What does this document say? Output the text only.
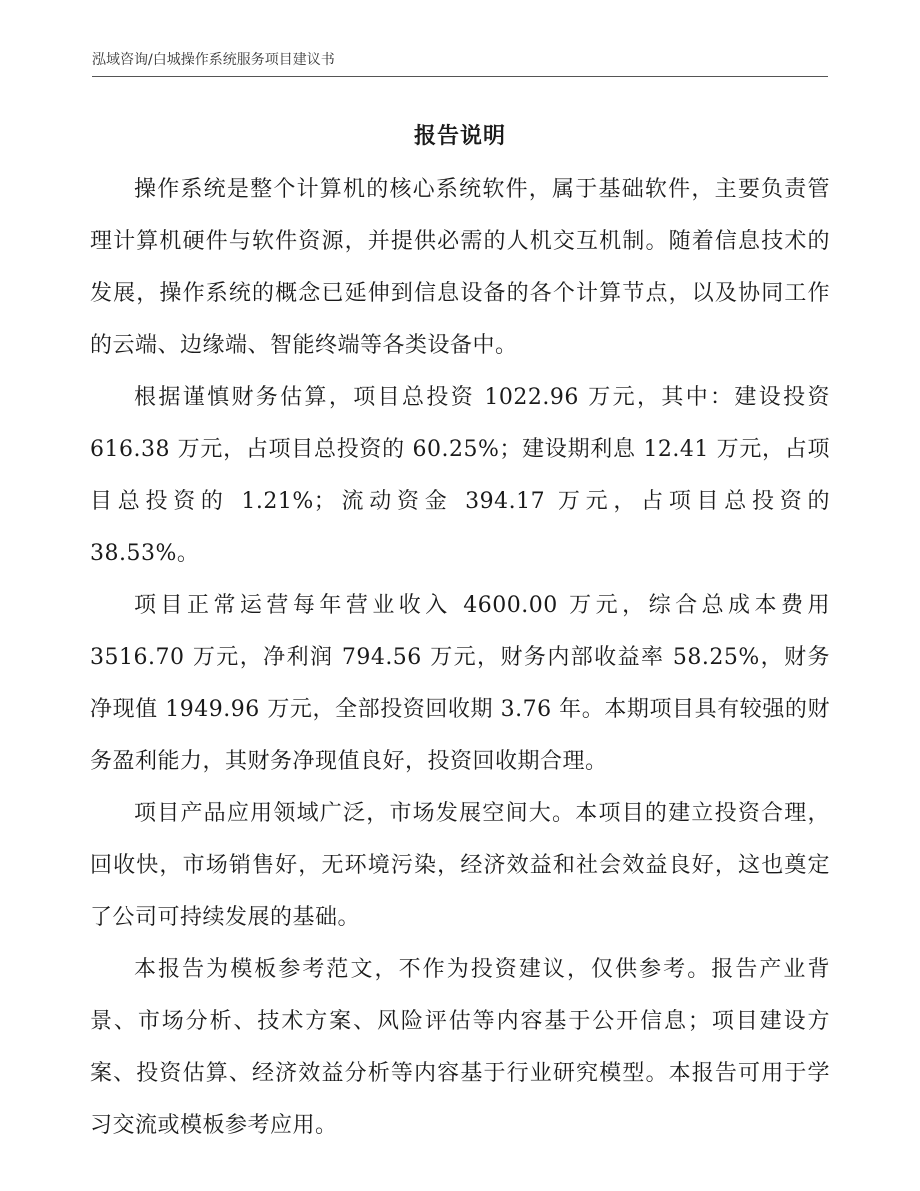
泓域咨询/白城操作系统服务项目建议书
报告说明

操作系统是整个计算机的核心系统软件，属于基础软件，主要负责管理计算机硬件与软件资源，并提供必需的人机交互机制。随着信息技术的发展，操作系统的概念已延伸到信息设备的各个计算节点，以及协同工作的云端、边缘端、智能终端等各类设备中。

根据谨慎财务估算，项目总投资 1022.96 万元，其中：建设投资 616.38 万元，占项目总投资的 60.25%；建设期利息 12.41 万元，占项目总投资的 1.21%；流动资金 394.17 万元，占项目总投资的 38.53%。

项目正常运营每年营业收入 4600.00 万元，综合总成本费用 3516.70 万元，净利润 794.56 万元，财务内部收益率 58.25%，财务净现值 1949.96 万元，全部投资回收期 3.76 年。本期项目具有较强的财务盈利能力，其财务净现值良好，投资回收期合理。

项目产品应用领域广泛，市场发展空间大。本项目的建立投资合理，回收快，市场销售好，无环境污染，经济效益和社会效益良好，这也奠定了公司可持续发展的基础。

本报告为模板参考范文，不作为投资建议，仅供参考。报告产业背景、市场分析、技术方案、风险评估等内容基于公开信息；项目建设方案、投资估算、经济效益分析等内容基于行业研究模型。本报告可用于学习交流或模板参考应用。
